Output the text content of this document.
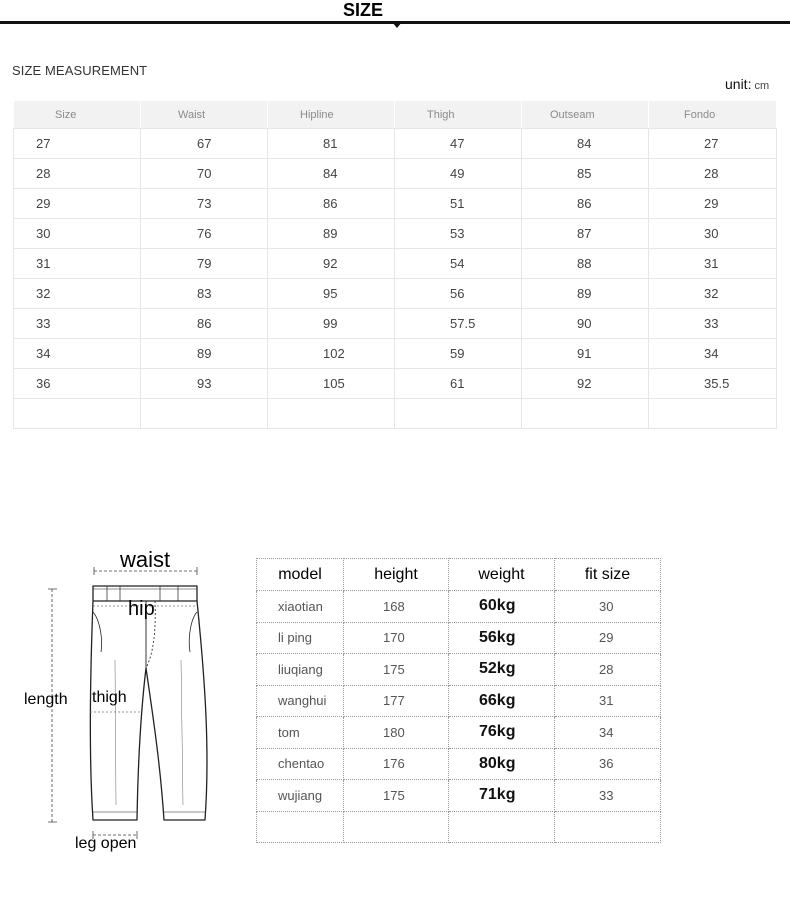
SIZE
SIZE MEASUREMENT
unit: cm
Size	Waist	Hipline	Thigh	Outseam	Fondo
27	67	81	47	84	27
28	70	84	49	85	28
29	73	86	51	86	29
30	76	89	53	87	30
31	79	92	54	88	31
32	83	95	56	89	32
33	86	99	57.5	90	33
34	89	102	59	91	34
36	93	105	61	92	35.5

waist
hip
length thigh
leg open
model	height	weight	fit size
xiaotian	168	60kg	30
li ping	170	56kg	29
liuqiang	175	52kg	28
wanghui	177	66kg	31
tom	180	76kg	34
chentao	176	80kg	36
wujiang	175	71kg	33
